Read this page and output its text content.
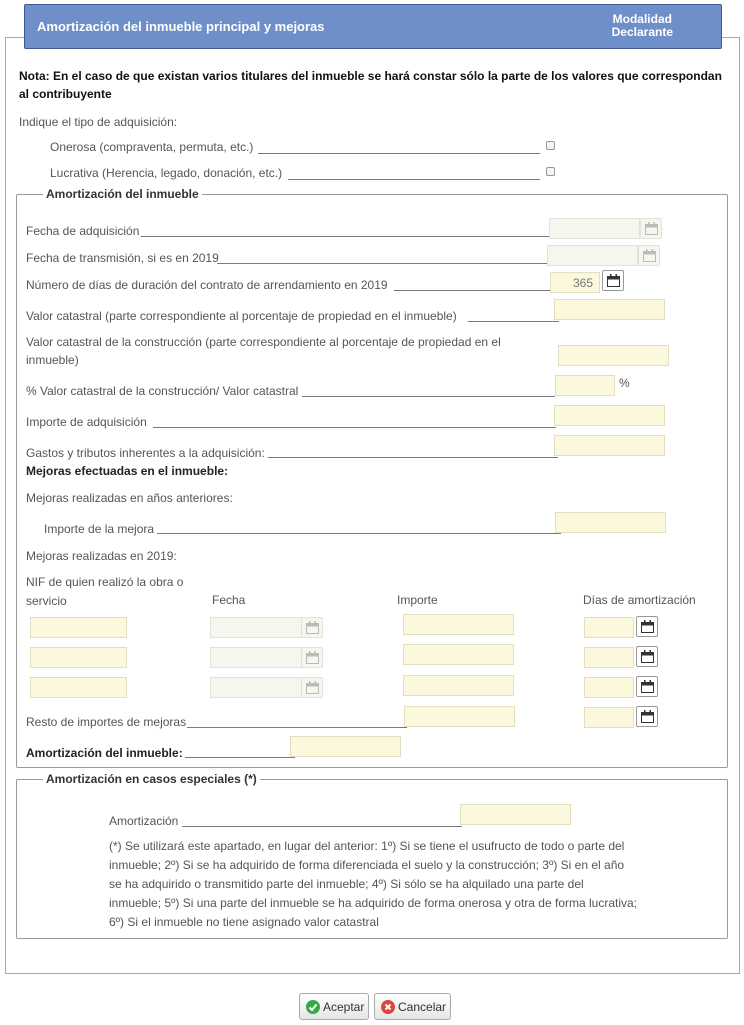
Amortización del inmueble principal y mejoras	Modalidad
Declarante
Nota: En el caso de que existan varios titulares del inmueble se hará constar sólo la parte de los valores que correspondan al contribuyente
Indique el tipo de adquisición:
Onerosa (compraventa, permuta, etc.)
Lucrativa (Herencia, legado, donación, etc.)
Amortización del inmueble
Fecha de adquisición
Fecha de transmisión, si es en 2019
Número de días de duración del contrato de arrendamiento en 2019	365
Valor catastral (parte correspondiente al porcentaje de propiedad en el inmueble)
Valor catastral de la construcción (parte correspondiente al porcentaje de propiedad en el inmueble)
% Valor catastral de la construcción/ Valor catastral
%
Importe de adquisición
Gastos y tributos inherentes a la adquisición:
Mejoras efectuadas en el inmueble:
Mejoras realizadas en años anteriores:
Importe de la mejora
Mejoras realizadas en 2019:
NIF de quien realizó la obra o servicio	Fecha	Importe	Días de amortización
Resto de importes de mejoras
Amortización del inmueble:
Amortización en casos especiales (*)
Amortización
(*) Se utilizará este apartado, en lugar del anterior: 1º) Si se tiene el usufructo de todo o parte del inmueble; 2º) Si se ha adquirido de forma diferenciada el suelo y la construcción; 3º) Si en el año se ha adquirido o transmitido parte del inmueble; 4º) Si sólo se ha alquilado una parte del inmueble; 5º) Si una parte del inmueble se ha adquirido de forma onerosa y otra de forma lucrativa; 6º) Si el inmueble no tiene asignado valor catastral
Aceptar	Cancelar
